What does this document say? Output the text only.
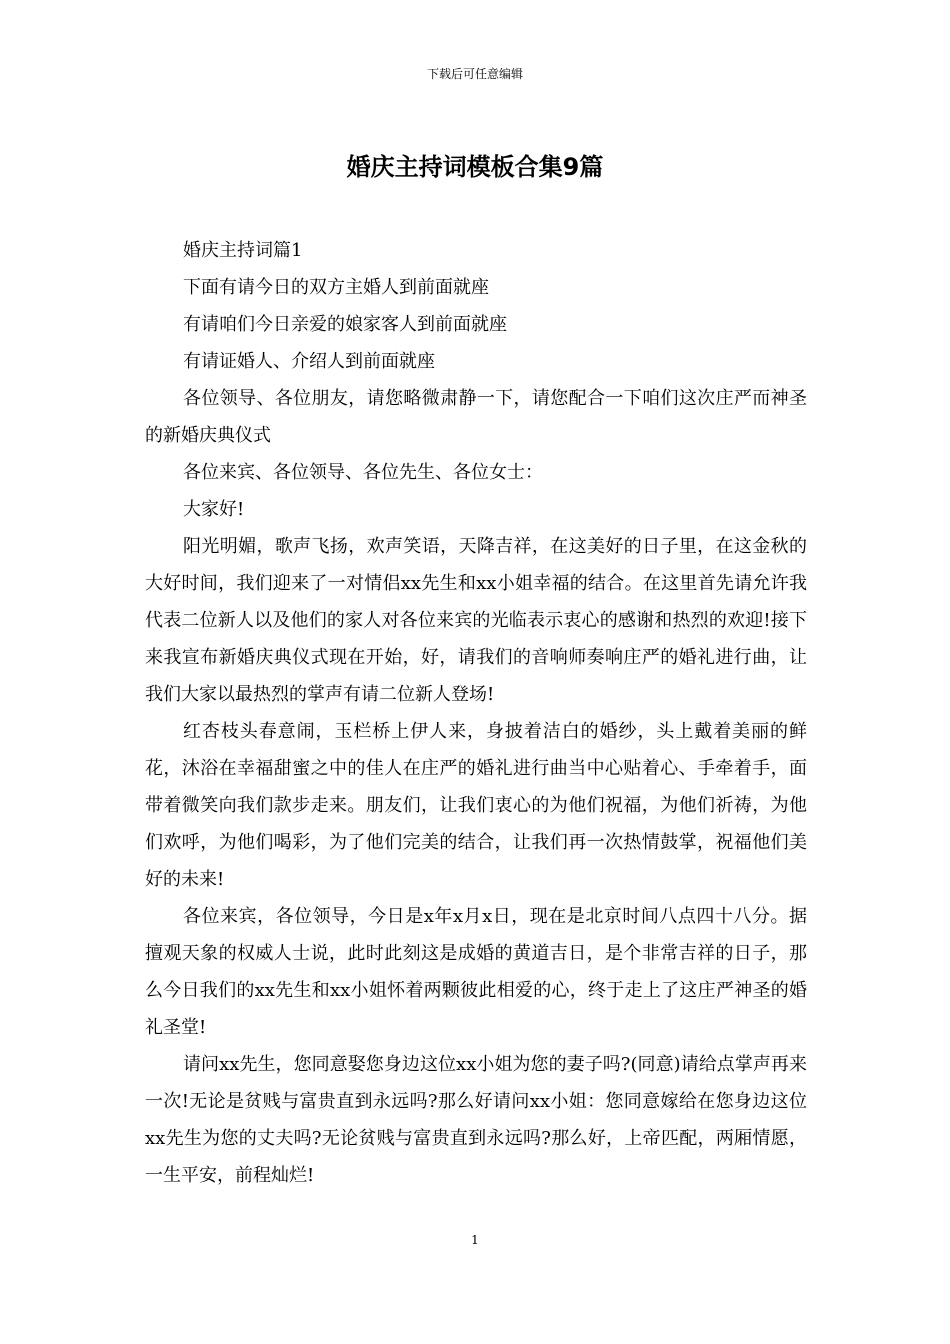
下载后可任意编辑
婚庆主持词模板合集9篇

婚庆主持词篇1

下面有请今日的双方主婚人到前面就座

有请咱们今日亲爱的娘家客人到前面就座

有请证婚人、介绍人到前面就座

各位领导、各位朋友，请您略微肃静一下，请您配合一下咱们这次庄严而神圣的新婚庆典仪式

各位来宾、各位领导、各位先生、各位女士：

大家好!

阳光明媚，歌声飞扬，欢声笑语，天降吉祥，在这美好的日子里，在这金秋的大好时间，我们迎来了一对情侣xx先生和xx小姐幸福的结合。在这里首先请允许我代表二位新人以及他们的家人对各位来宾的光临表示衷心的感谢和热烈的欢迎!接下来我宣布新婚庆典仪式现在开始，好，请我们的音响师奏响庄严的婚礼进行曲，让我们大家以最热烈的掌声有请二位新人登场!

红杏枝头春意闹，玉栏桥上伊人来，身披着洁白的婚纱，头上戴着美丽的鲜花，沐浴在幸福甜蜜之中的佳人在庄严的婚礼进行曲当中心贴着心、手牵着手，面带着微笑向我们款步走来。朋友们，让我们衷心的为他们祝福，为他们祈祷，为他们欢呼，为他们喝彩，为了他们完美的结合，让我们再一次热情鼓掌，祝福他们美好的未来!

各位来宾，各位领导，今日是x年x月x日，现在是北京时间八点四十八分。据擅观天象的权威人士说，此时此刻这是成婚的黄道吉日，是个非常吉祥的日子，那么今日我们的xx先生和xx小姐怀着两颗彼此相爱的心，终于走上了这庄严神圣的婚礼圣堂!

请问xx先生，您同意娶您身边这位xx小姐为您的妻子吗?(同意)请给点掌声再来一次!无论是贫贱与富贵直到永远吗?那么好请问xx小姐：您同意嫁给在您身边这位xx先生为您的丈夫吗?无论贫贱与富贵直到永远吗?那么好，上帝匹配，两厢情愿，一生平安，前程灿烂!

1
